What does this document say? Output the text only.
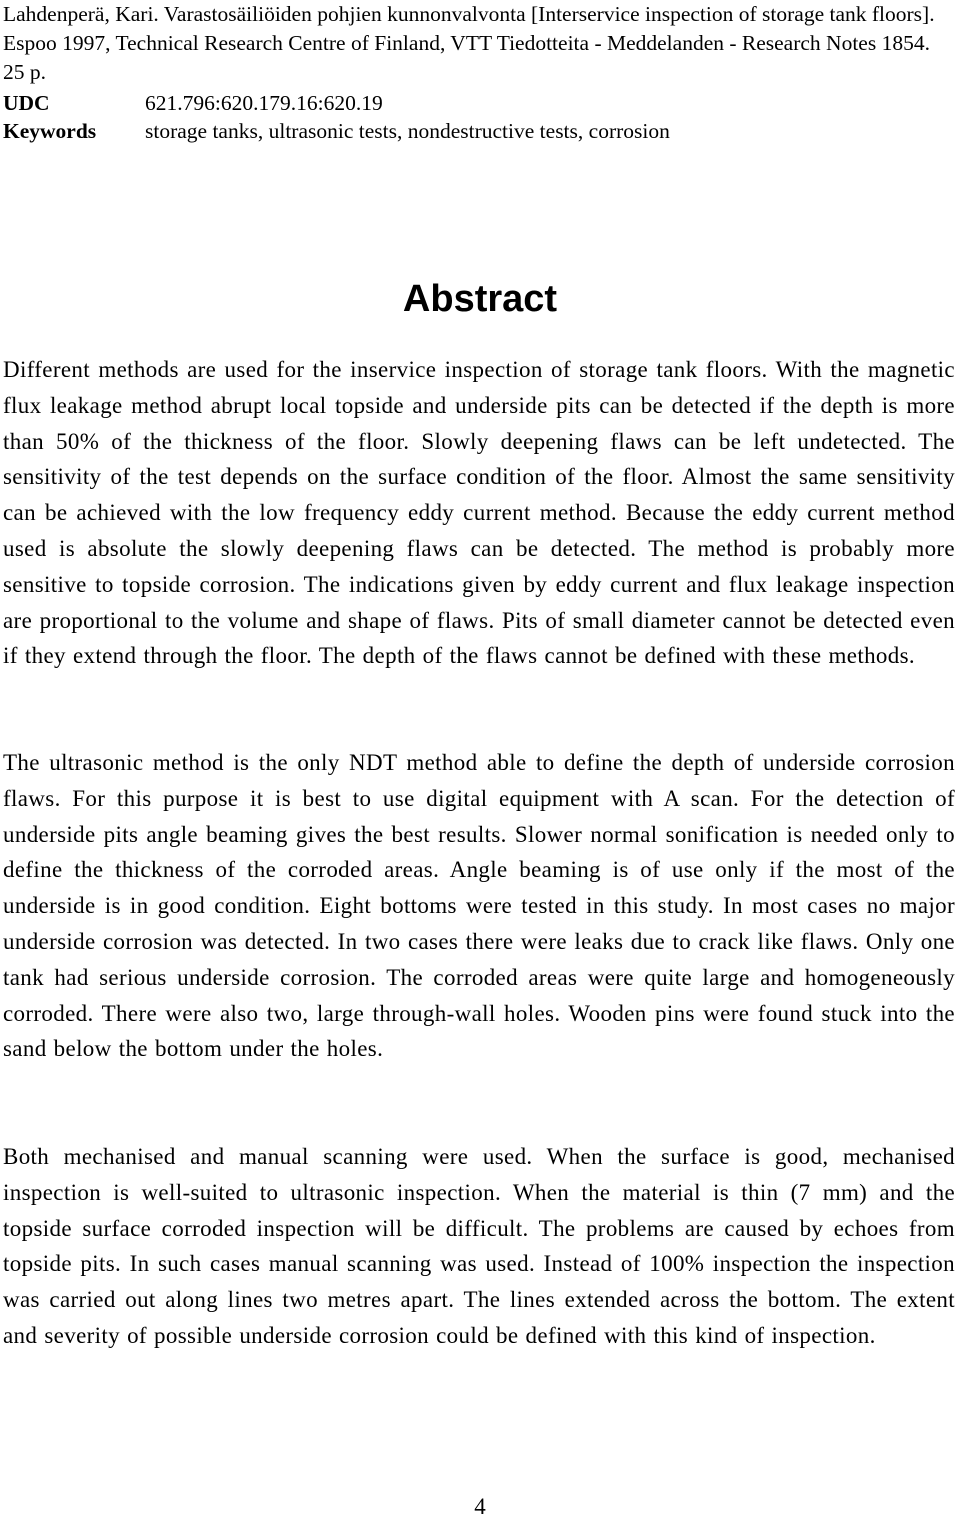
Lahdenperä, Kari. Varastosäiliöiden pohjien kunnonvalvonta [Interservice inspection of storage tank floors]. Espoo 1997, Technical Research Centre of Finland, VTT Tiedotteita - Meddelanden - Research Notes 1854. 25 p.

UDC	621.796:620.179.16:620.19
Keywords	storage tanks, ultrasonic tests, nondestructive tests, corrosion
Abstract

Different methods are used for the inservice inspection of storage tank floors. With the magnetic flux leakage method abrupt local topside and underside pits can be detected if the depth is more than 50% of the thickness of the floor. Slowly deepening flaws can be left undetected. The sensitivity of the test depends on the surface condition of the floor. Almost the same sensitivity can be achieved with the low frequency eddy current method. Because the eddy current method used is absolute the slowly deepening flaws can be detected. The method is probably more sensitive to topside corrosion. The indications given by eddy current and flux leakage inspection are proportional to the volume and shape of flaws. Pits of small diameter cannot be detected even if they extend through the floor. The depth of the flaws cannot be defined with these methods.

The ultrasonic method is the only NDT method able to define the depth of underside corrosion flaws. For this purpose it is best to use digital equipment with A scan. For the detection of underside pits angle beaming gives the best results. Slower normal sonification is needed only to define the thickness of the corroded areas. Angle beaming is of use only if the most of the underside is in good condition. Eight bottoms were tested in this study. In most cases no major underside corrosion was detected. In two cases there were leaks due to crack like flaws. Only one tank had serious underside corrosion. The corroded areas were quite large and homogeneously corroded. There were also two, large through-wall holes. Wooden pins were found stuck into the sand below the bottom under the holes.

Both mechanised and manual scanning were used. When the surface is good, mechanised inspection is well-suited to ultrasonic inspection. When the material is thin (7 mm) and the topside surface corroded inspection will be difficult. The problems are caused by echoes from topside pits. In such cases manual scanning was used. Instead of 100% inspection the inspection was carried out along lines two metres apart. The lines extended across the bottom. The extent and severity of possible underside corrosion could be defined with this kind of inspection.

4
